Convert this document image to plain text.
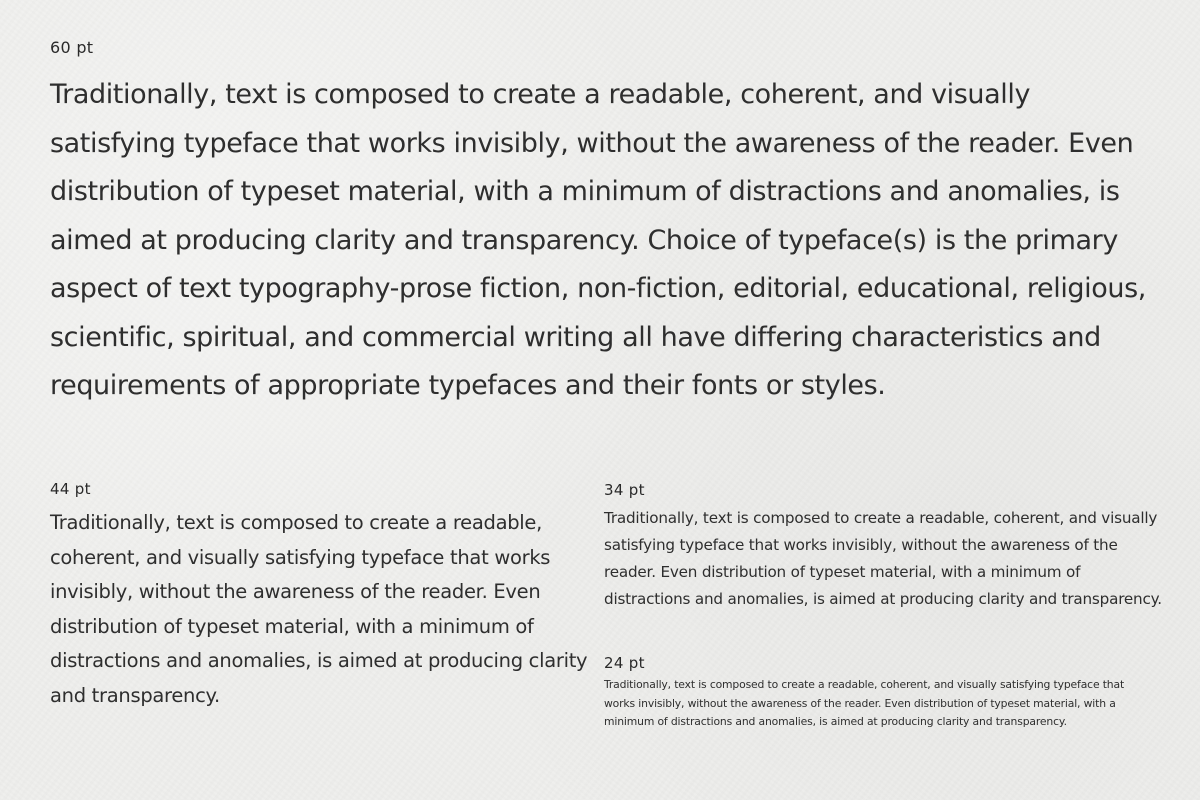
60 pt

Traditionally, text is composed to create a readable, coherent, and visually satisfying typeface that works invisibly, without the awareness of the reader. Even distribution of typeset material, with a minimum of distractions and anomalies, is aimed at producing clarity and transparency. Choice of typeface(s) is the primary aspect of text typography-prose fiction, non-fiction, editorial, educational, religious, scientific, spiritual, and commercial writing all have differing characteristics and requirements of appropriate typefaces and their fonts or styles.

44 pt

Traditionally, text is composed to create a readable, coherent, and visually satisfying typeface that works invisibly, without the awareness of the reader. Even distribution of typeset material, with a minimum of distractions and anomalies, is aimed at producing clarity and transparency.

34 pt

Traditionally, text is composed to create a readable, coherent, and visually satisfying typeface that works invisibly, without the awareness of the reader. Even distribution of typeset material, with a minimum of distractions and anomalies, is aimed at producing clarity and transparency.

24 pt

Traditionally, text is composed to create a readable, coherent, and visually satisfying typeface that works invisibly, without the awareness of the reader. Even distribution of typeset material, with a minimum of distractions and anomalies, is aimed at producing clarity and transparency.
